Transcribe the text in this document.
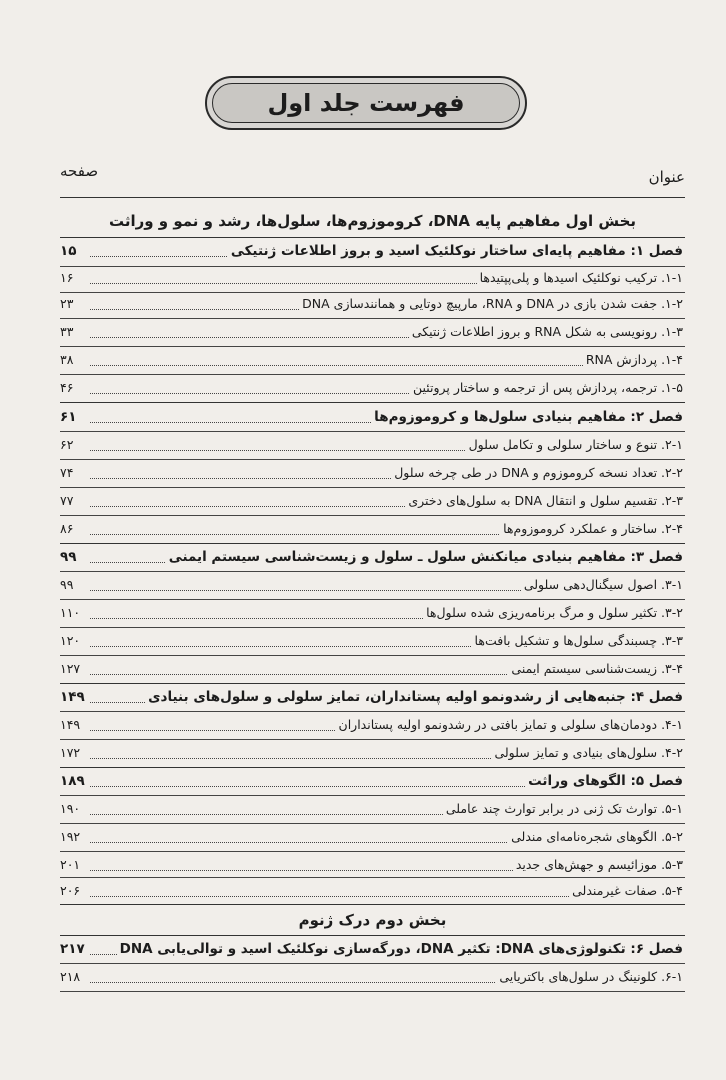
فهرست جلد اول
عنوان
صفحه
بخش اول مفاهیم پایه DNA، کروموزوم‌ها، سلول‌ها، رشد و نمو و وراثت
فصل ۱: مفاهیم پایه‌ای ساختار نوکلئیک اسید و بروز اطلاعات ژنتیکی
۱۵
۱-۱. ترکیب نوکلئیک اسیدها و پلی‌پپتیدها
۱۶
۱-۲. جفت شدن بازی در DNA و RNA، مارپیچ دوتایی و همانندسازی DNA
۲۳
۱-۳. رونویسی به شکل RNA و بروز اطلاعات ژنتیکی
۳۳
۱-۴. پردازش RNA
۳۸
۱-۵. ترجمه، پردازش پس از ترجمه و ساختار پروتئین
۴۶
فصل ۲: مفاهیم بنیادی سلول‌ها و کروموزوم‌ها
۶۱
۲-۱. تنوع و ساختار سلولی و تکامل سلول
۶۲
۲-۲. تعداد نسخه کروموزوم و DNA در طی چرخه سلول
۷۴
۲-۳. تقسیم سلول و انتقال DNA به سلول‌های دختری
۷۷
۲-۴. ساختار و عملکرد کروموزوم‌ها
۸۶
فصل ۳: مفاهیم بنیادی میانکنش سلول ـ سلول و زیست‌شناسی سیستم ایمنی
۹۹
۳-۱. اصول سیگنال‌دهی سلولی
۹۹
۳-۲. تکثیر سلول و مرگ برنامه‌ریزی شده سلول‌ها
۱۱۰
۳-۳. چسبندگی سلول‌ها و تشکیل بافت‌ها
۱۲۰
۳-۴. زیست‌شناسی سیستم ایمنی
۱۲۷
فصل ۴: جنبه‌هایی از رشدونمو اولیه پستانداران، تمایز سلولی و سلول‌های بنیادی
۱۴۹
۴-۱. دودمان‌های سلولی و تمایز بافتی در رشدونمو اولیه پستانداران
۱۴۹
۴-۲. سلول‌های بنیادی و تمایز سلولی
۱۷۲
فصل ۵: الگوهای وراثت
۱۸۹
۵-۱. توارث تک ژنی در برابر توارث چند عاملی
۱۹۰
۵-۲. الگوهای شجره‌نامه‌ای مندلی
۱۹۲
۵-۳. موزائیسم و جهش‌های جدید
۲۰۱
۵-۴. صفات غیرمندلی
۲۰۶
بخش دوم درک ژنوم
فصل ۶: تکنولوژی‌های DNA: تکثیر DNA، دورگه‌سازی نوکلئیک اسید و توالی‌یابی DNA
۲۱۷
۶-۱. کلونینگ در سلول‌های باکتریایی
۲۱۸
